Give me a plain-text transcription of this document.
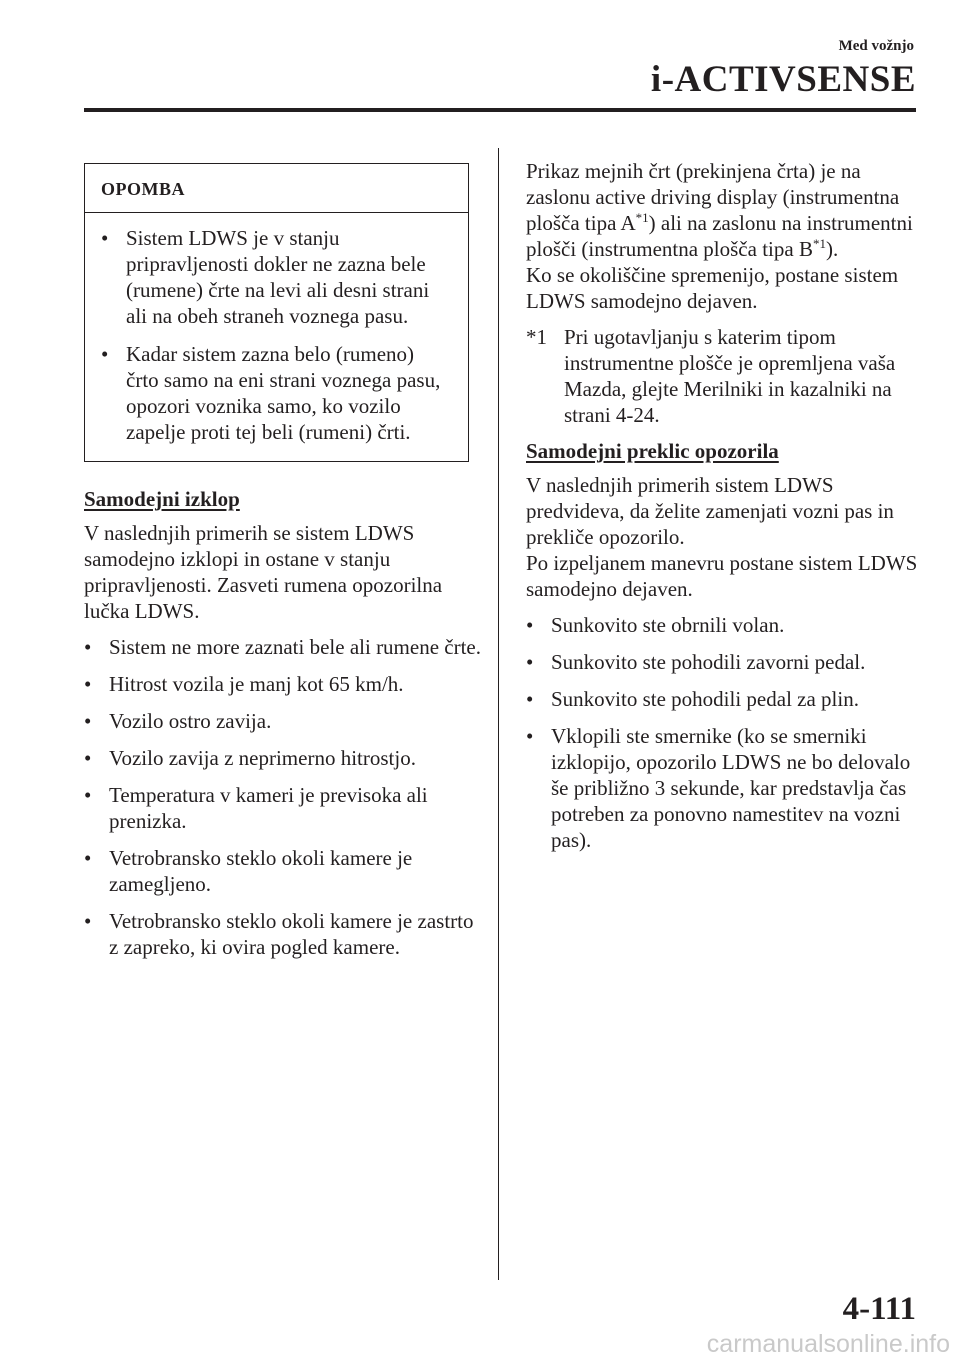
Med vožnjo
i-ACTIVSENSE
OPOMBA
• Sistem LDWS je v stanju pripravljenosti dokler ne zazna bele (rumene) črte na levi ali desni strani ali na obeh straneh voznega pasu.
• Kadar sistem zazna belo (rumeno) črto samo na eni strani voznega pasu, opozori voznika samo, ko vozilo zapelje proti tej beli (rumeni) črti.
Samodejni izklop
V naslednjih primerih se sistem LDWS samodejno izklopi in ostane v stanju pripravljenosti. Zasveti rumena opozorilna lučka LDWS.
• Sistem ne more zaznati bele ali rumene črte.
• Hitrost vozila je manj kot 65 km/h.
• Vozilo ostro zavija.
• Vozilo zavija z neprimerno hitrostjo.
• Temperatura v kameri je previsoka ali prenizka.
• Vetrobransko steklo okoli kamere je zamegljeno.
• Vetrobransko steklo okoli kamere je zastrto z zapreko, ki ovira pogled kamere.
Prikaz mejnih črt (prekinjena črta) je na zaslonu active driving display (instrumentna plošča tipa $A^{*1}$) ali na zaslonu na instrumentni plošči (instrumentna plošča tipa $B^{*1}$).
Ko se okoliščine spremenijo, postane sistem LDWS samodejno dejaven.
*1 Pri ugotavljanju s katerim tipom instrumentne plošče je opremljena vaša Mazda, glejte Merilniki in kazalniki na strani 4-24.
Samodejni preklic opozorila
V naslednjih primerih sistem LDWS predvideva, da želite zamenjati vozni pas in prekliče opozorilo.
Po izpeljanem manevru postane sistem LDWS samodejno dejaven.
• Sunkovito ste obrnili volan.
• Sunkovito ste pohodili zavorni pedal.
• Sunkovito ste pohodili pedal za plin.
• Vklopili ste smernike (ko se smerniki izklopijo, opozorilo LDWS ne bo delovalo še približno 3 sekunde, kar predstavlja čas potreben za ponovno namestitev na vozni pas).
4-111
carmanualsonline.info
